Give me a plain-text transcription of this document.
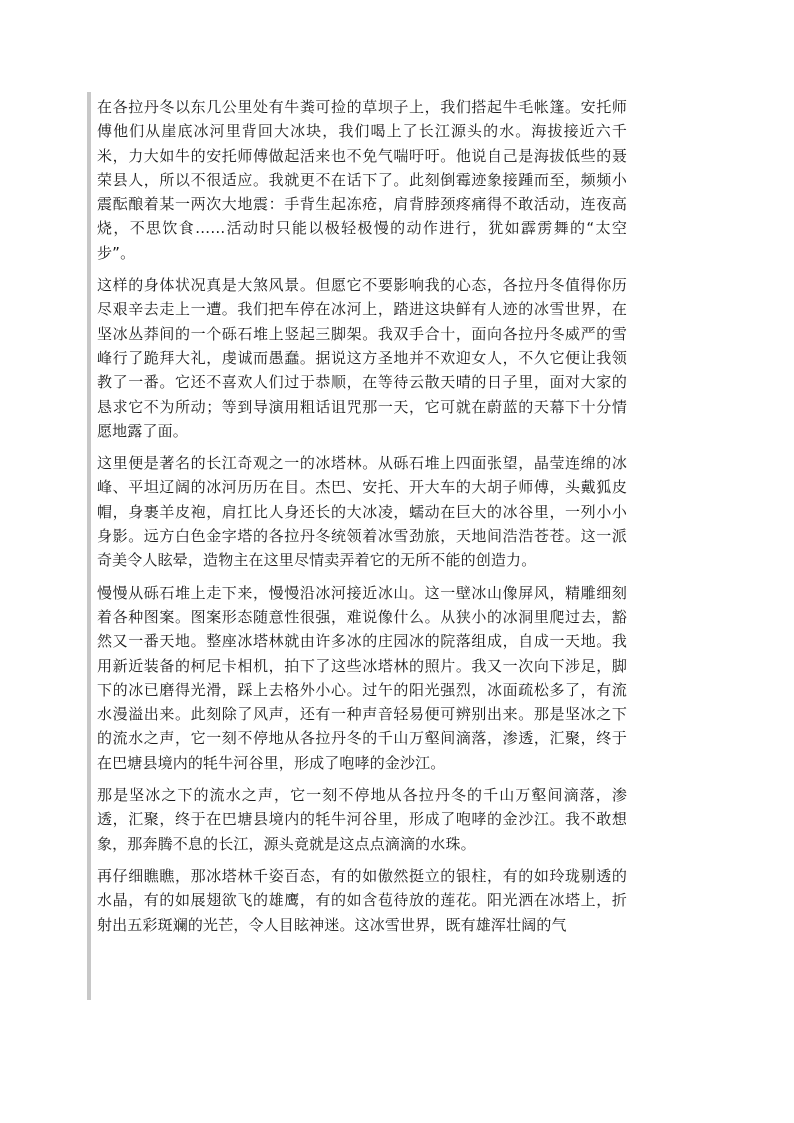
在各拉丹冬以东几公里处有牛粪可捡的草坝子上，我们搭起牛毛帐篷。安托师傅他们从崖底冰河里背回大冰块，我们喝上了长江源头的水。海拔接近六千米，力大如牛的安托师傅做起活来也不免气喘吁吁。他说自己是海拔低些的聂荣县人，所以不很适应。我就更不在话下了。此刻倒霉迹象接踵而至，频频小震酝酿着某一两次大地震：手背生起冻疮，肩背脖颈疼痛得不敢活动，连夜高烧，不思饮食……活动时只能以极轻极慢的动作进行，犹如霹雳舞的“太空步”。

这样的身体状况真是大煞风景。但愿它不要影响我的心态，各拉丹冬值得你历尽艰辛去走上一遭。我们把车停在冰河上，踏进这块鲜有人迹的冰雪世界，在坚冰丛莽间的一个砾石堆上竖起三脚架。我双手合十，面向各拉丹冬威严的雪峰行了跪拜大礼，虔诚而愚蠢。据说这方圣地并不欢迎女人，不久它便让我领教了一番。它还不喜欢人们过于恭顺，在等待云散天晴的日子里，面对大家的恳求它不为所动；等到导演用粗话诅咒那一天，它可就在蔚蓝的天幕下十分情愿地露了面。

这里便是著名的长江奇观之一的冰塔林。从砾石堆上四面张望，晶莹连绵的冰峰、平坦辽阔的冰河历历在目。杰巴、安托、开大车的大胡子师傅，头戴狐皮帽，身裹羊皮袍，肩扛比人身还长的大冰凌，蠕动在巨大的冰谷里，一列小小身影。远方白色金字塔的各拉丹冬统领着冰雪劲旅，天地间浩浩苍苍。这一派奇美令人眩晕，造物主在这里尽情卖弄着它的无所不能的创造力。

慢慢从砾石堆上走下来，慢慢沿冰河接近冰山。这一壁冰山像屏风，精雕细刻着各种图案。图案形态随意性很强，难说像什么。从狭小的冰洞里爬过去，豁然又一番天地。整座冰塔林就由许多冰的庄园冰的院落组成，自成一天地。我用新近装备的柯尼卡相机，拍下了这些冰塔林的照片。我又一次向下涉足，脚下的冰已磨得光滑，踩上去格外小心。过午的阳光强烈，冰面疏松多了，有流水漫溢出来。此刻除了风声，还有一种声音轻易便可辨别出来。那是坚冰之下的流水之声，它一刻不停地从各拉丹冬的千山万壑间滴落，渗透，汇聚，终于在巴塘县境内的牦牛河谷里，形成了咆哮的金沙江。

那是坚冰之下的流水之声，它一刻不停地从各拉丹冬的千山万壑间滴落，渗透，汇聚，终于在巴塘县境内的牦牛河谷里，形成了咆哮的金沙江。我不敢想象，那奔腾不息的长江，源头竟就是这点点滴滴的水珠。

再仔细瞧瞧，那冰塔林千姿百态，有的如傲然挺立的银柱，有的如玲珑剔透的水晶，有的如展翅欲飞的雄鹰，有的如含苞待放的莲花。阳光洒在冰塔上，折射出五彩斑斓的光芒，令人目眩神迷。这冰雪世界，既有雄浑壮阔的气
